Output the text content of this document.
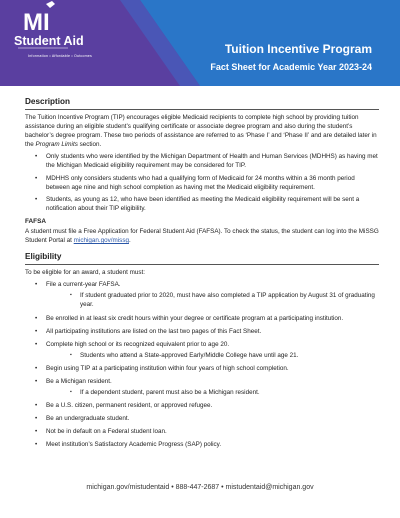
MI
Student Aid
Information • Affordable • Outcomes	Tuition Incentive Program
Fact Sheet for Academic Year 2023-24
Description

The Tuition Incentive Program (TIP) encourages eligible Medicaid recipients to complete high school by providing tuition assistance during an eligible student’s qualifying certificate or associate degree program and also during the student’s bachelor’s degree program. These two periods of assistance are referred to as ‘Phase I’ and ‘Phase II’ and are detailed later in the Program Limits section.

• Only students who were identified by the Michigan Department of Health and Human Services (MDHHS) as having met the Michigan Medicaid eligibility requirement may be considered for TIP.
• MDHHS only considers students who had a qualifying form of Medicaid for 24 months within a 36 month period between age nine and high school completion as having met the Medicaid eligibility requirement.
• Students, as young as 12, who have been identified as meeting the Medicaid eligibility requirement will be sent a notification about their TIP eligibility.
FAFSA

A student must file a Free Application for Federal Student Aid (FAFSA). To check the status, the student can log into the MiSSG Student Portal at michigan.gov/missg.

Eligibility

To be eligible for an award, a student must:

• File a current-year FAFSA.
▪ If student graduated prior to 2020, must have also completed a TIP application by August 31 of graduating year.
• Be enrolled in at least six credit hours within your degree or certificate program at a participating institution.
• All participating institutions are listed on the last two pages of this Fact Sheet.
• Complete high school or its recognized equivalent prior to age 20.
▪ Students who attend a State-approved Early/Middle College have until age 21.
• Begin using TIP at a participating institution within four years of high school completion.
• Be a Michigan resident.
▪ If a dependent student, parent must also be a Michigan resident.
• Be a U.S. citizen, permanent resident, or approved refugee.
• Be an undergraduate student.
• Not be in default on a Federal student loan.
• Meet institution’s Satisfactory Academic Progress (SAP) policy.
michigan.gov/mistudentaid • 888-447-2687 • mistudentaid@michigan.gov
